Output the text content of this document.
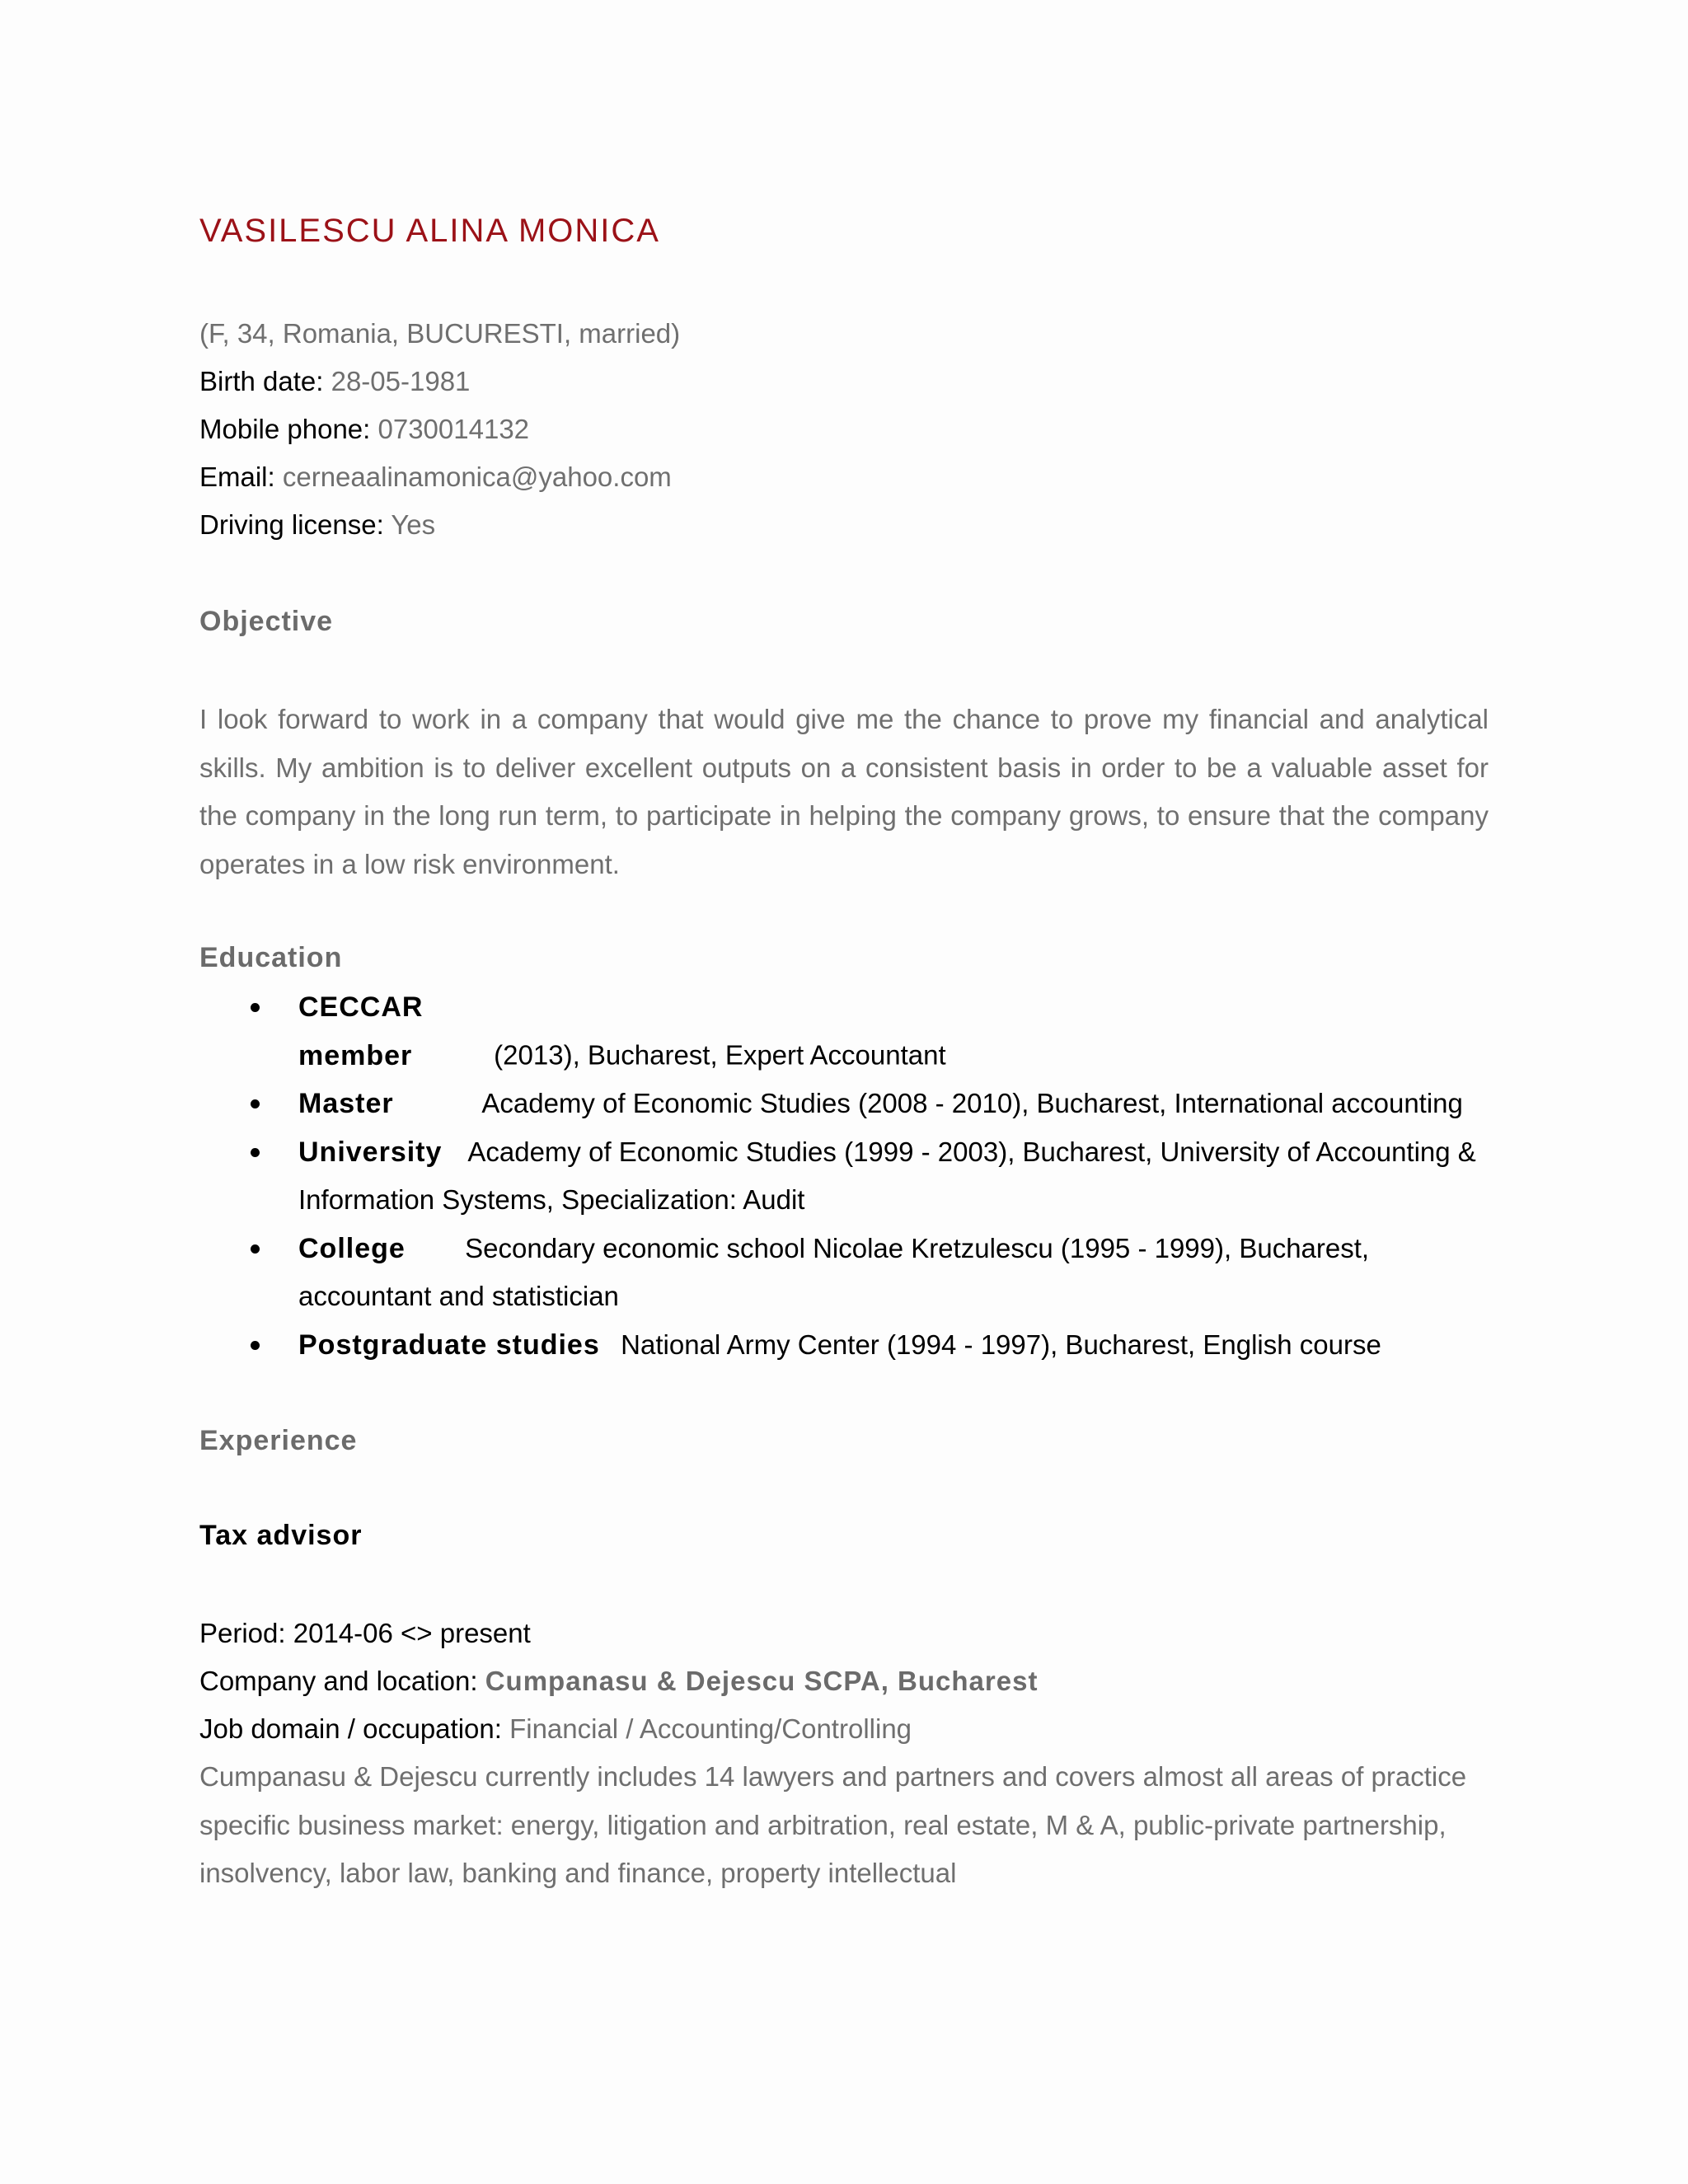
VASILESCU ALINA MONICA
(F, 34, Romania, BUCURESTI, married)
Birth date: 28-05-1981
Mobile phone: 0730014132
Email: cerneaalinamonica@yahoo.com
Driving license: Yes
Objective

I look forward to work in a company that would give me the chance to prove my financial and analytical skills. My ambition is to deliver excellent outputs on a consistent basis in order to be a valuable asset for the company in the long run term, to participate in helping the company grows, to ensure that the company operates in a low risk environment.

Education
CECCAR member	(2013), Bucharest, Expert Accountant
Master	Academy of Economic Studies (2008 - 2010), Bucharest, International accounting
University Academy of Economic Studies (1999 - 2003), Bucharest, University of Accounting & Information Systems, Specialization: Audit
College Secondary economic school Nicolae Kretzulescu (1995 - 1999), Bucharest, accountant and statistician
Postgraduate studies National Army Center (1994 - 1997), Bucharest, English course
Experience
Tax advisor
Period: 2014-06 <> present
Company and location: Cumpanasu & Dejescu SCPA, Bucharest
Job domain / occupation: Financial / Accounting/Controlling

Cumpanasu & Dejescu currently includes 14 lawyers and partners and covers almost all areas of practice specific business market: energy, litigation and arbitration, real estate, M & A, public-private partnership, insolvency, labor law, banking and finance, property intellectual
